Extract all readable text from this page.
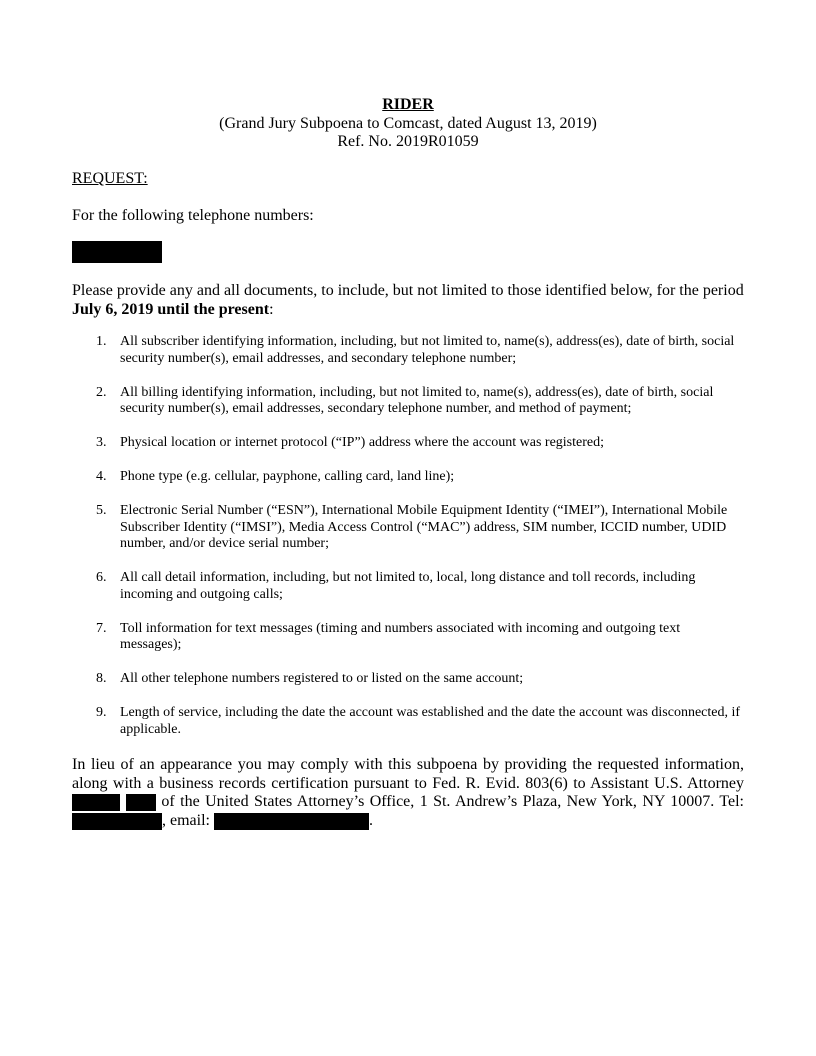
RIDER
(Grand Jury Subpoena to Comcast, dated August 13, 2019)
Ref. No. 2019R01059
REQUEST:
For the following telephone numbers:
Please provide any and all documents, to include, but not limited to those identified below, for the period July 6, 2019 until the present:
1. All subscriber identifying information, including, but not limited to, name(s), address(es), date of birth, social security number(s), email addresses, and secondary telephone number;
2. All billing identifying information, including, but not limited to, name(s), address(es), date of birth, social security number(s), email addresses, secondary telephone number, and method of payment;
3. Physical location or internet protocol (“IP”) address where the account was registered;
4. Phone type (e.g. cellular, payphone, calling card, land line);
5. Electronic Serial Number (“ESN”), International Mobile Equipment Identity (“IMEI”), International Mobile Subscriber Identity (“IMSI”), Media Access Control (“MAC”) address, SIM number, ICCID number, UDID number, and/or device serial number;
6. All call detail information, including, but not limited to, local, long distance and toll records, including incoming and outgoing calls;
7. Toll information for text messages (timing and numbers associated with incoming and outgoing text messages);
8. All other telephone numbers registered to or listed on the same account;
9. Length of service, including the date the account was established and the date the account was disconnected, if applicable.
In lieu of an appearance you may comply with this subpoena by providing the requested information, along with a business records certification pursuant to Fed. R. Evid. 803(6) to Assistant U.S. Attorney  of the United States Attorney’s Office, 1 St. Andrew’s Plaza, New York, NY 10007. Tel: , email:	.
